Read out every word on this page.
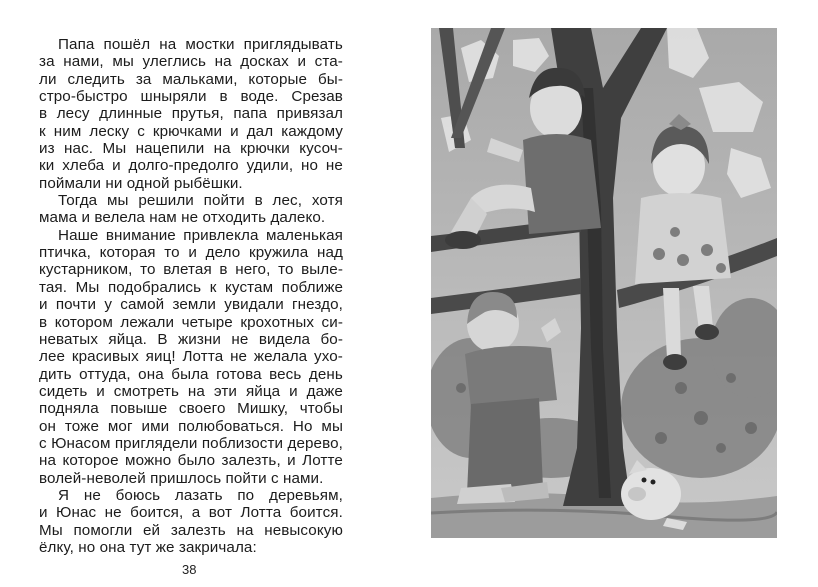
Папа пошёл на мостки приглядывать
за нами, мы улеглись на досках и ста-
ли следить за мальками, которые бы-
стро-быстро шныряли в воде. Срезав
в лесу длинные прутья, папа привязал
к ним леску с крючками и дал каждому
из нас. Мы нацепили на крючки кусоч-
ки хлеба и долго-предолго удили, но не
поймали ни одной рыбёшки.
Тогда мы решили пойти в лес, хотя
мама и велела нам не отходить далеко.
Наше внимание привлекла маленькая
птичка, которая то и дело кружила над
кустарником, то влетая в него, то выле-
тая. Мы подобрались к кустам поближе
и почти у самой земли увидали гнездо,
в котором лежали четыре крохотных си-
неватых яйца. В жизни не видела бо-
лее красивых яиц! Лотта не желала ухо-
дить оттуда, она была готова весь день
сидеть и смотреть на эти яйца и даже
подняла повыше своего Мишку, чтобы
он тоже мог ими полюбоваться. Но мы
с Юнасом приглядели поблизости дерево,
на которое можно было залезть, и Лотте
волей-неволей пришлось пойти с нами.
Я не боюсь лазать по деревьям,
и Юнас не боится, а вот Лотта боится.
Мы помогли ей залезть на невысокую
ёлку, но она тут же закричала:
38
